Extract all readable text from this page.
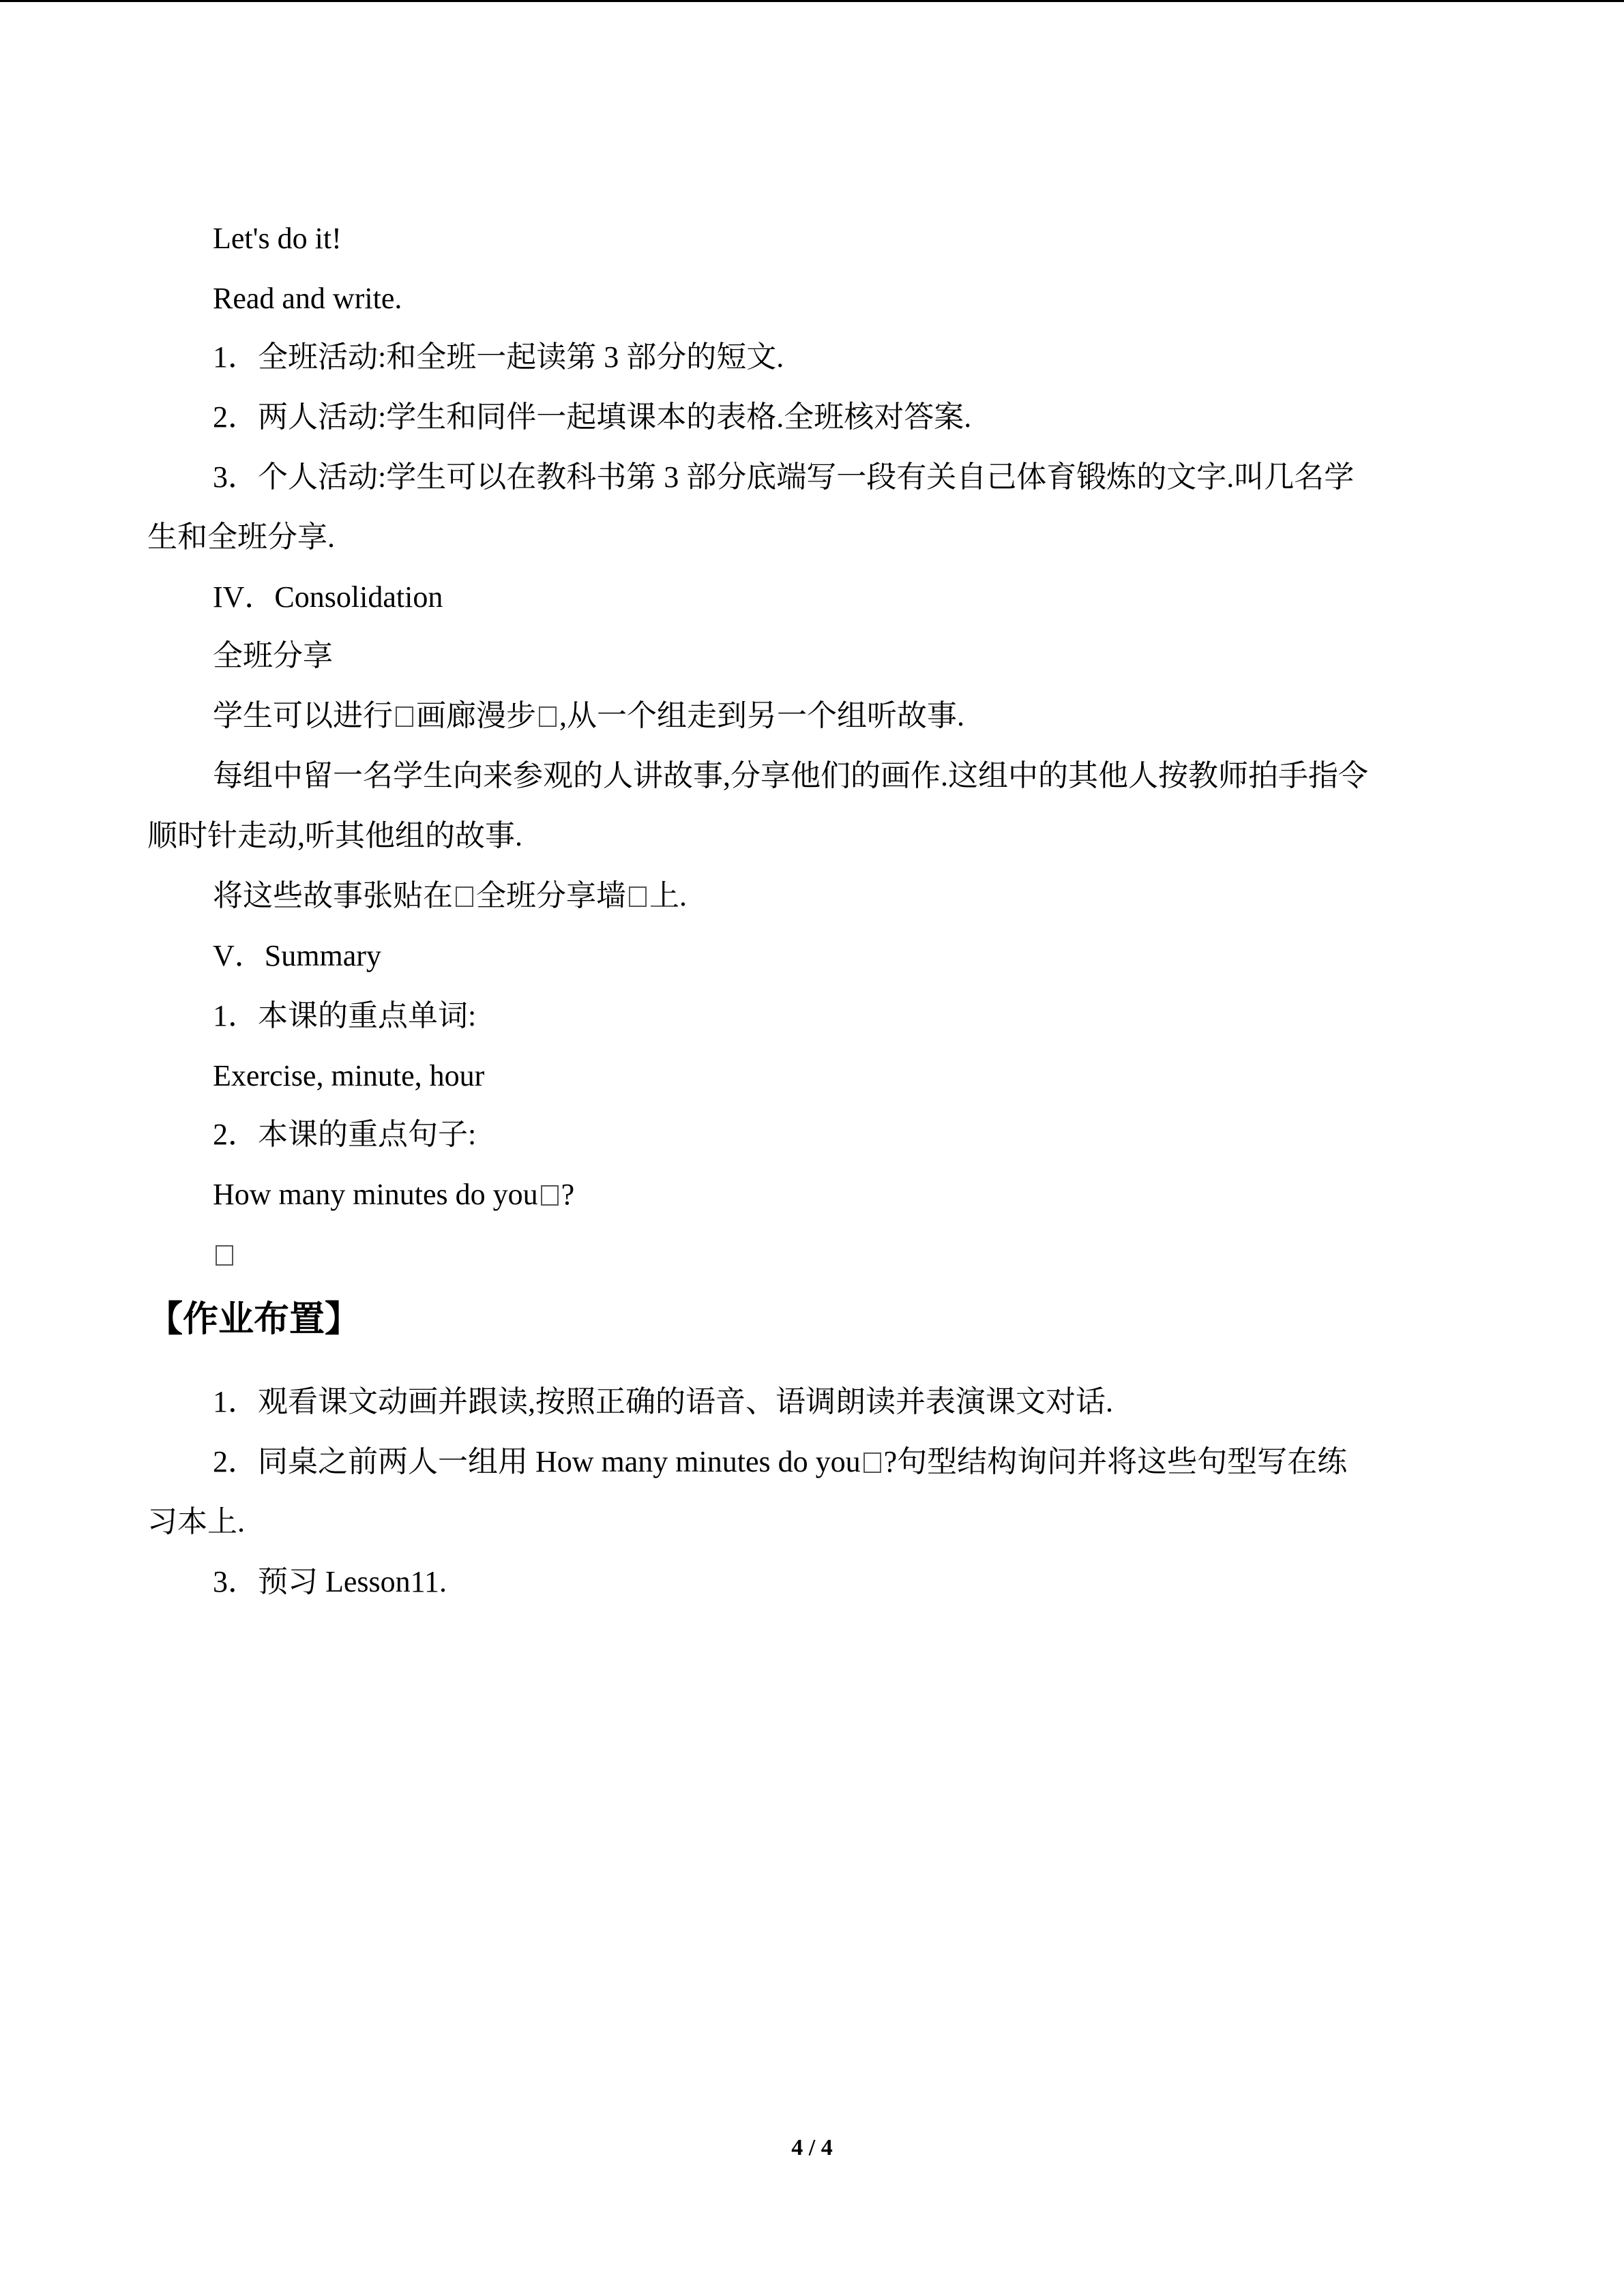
Let's do it!
Read and write.
1．全班活动:和全班一起读第 3 部分的短文.
2．两人活动:学生和同伴一起填课本的表格.全班核对答案.
3．个人活动:学生可以在教科书第 3 部分底端写一段有关自己体育锻炼的文字.叫几名学
生和全班分享.
IV．Consolidation
全班分享
学生可以进行 画廊漫步 ,从一个组走到另一个组听故事.
每组中留一名学生向来参观的人讲故事,分享他们的画作.这组中的其他人按教师拍手指令
顺时针走动,听其他组的故事.
将这些故事张贴在 全班分享墙 上.
V．Summary
1．本课的重点单词:
Exercise, minute, hour
2．本课的重点句子:
How many minutes do you ?
【作业布置】
1．观看课文动画并跟读,按照正确的语音、语调朗读并表演课文对话.
2．同桌之前两人一组用 How many minutes do you ?句型结构询问并将这些句型写在练
习本上.
3．预习 Lesson11.
4 / 4
